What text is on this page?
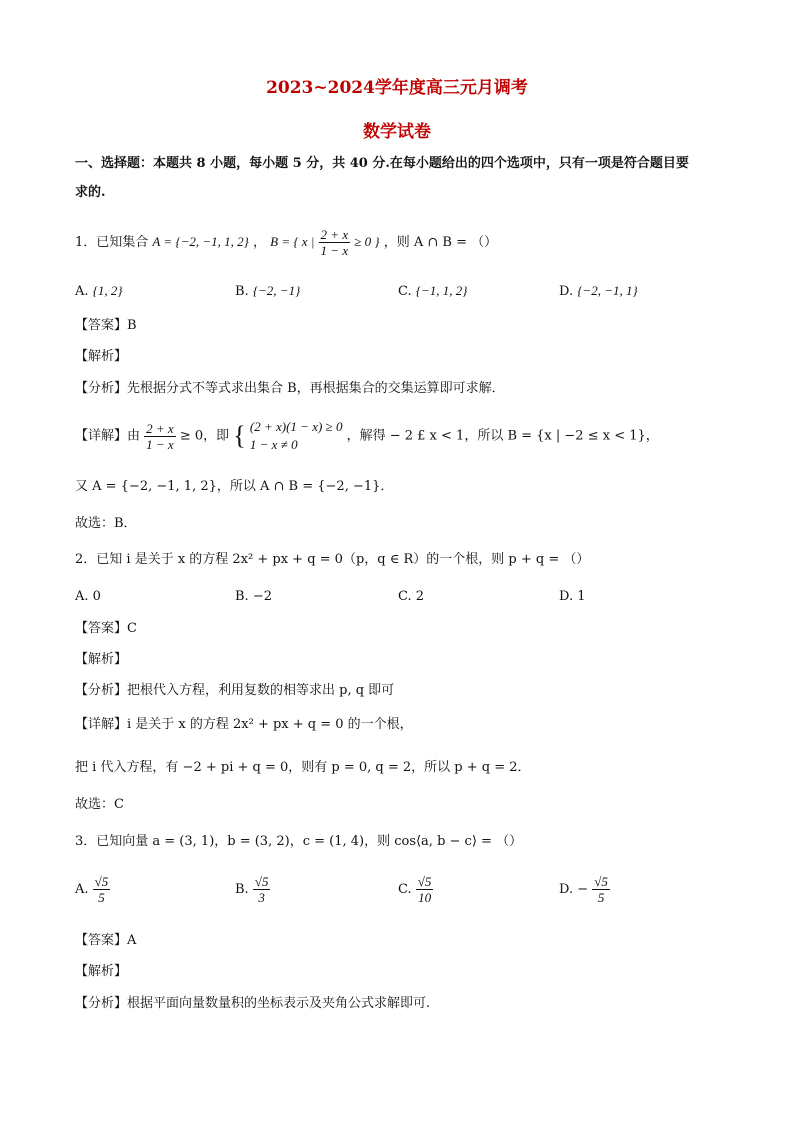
2023~2024学年度高三元月调考
数学试卷
一、选择题：本题共 8 小题，每小题 5 分，共 40 分.在每小题给出的四个选项中，只有一项是符合题目要
求的.
1．已知集合 A = {−2, −1, 1, 2} ， B = { x | $\frac{2 + x}{1 - x} \ge 0$ } ，则 A ∩ B = （）
A. {1, 2}	B. {−2, −1}	C. {−1, 1, 2}	D. {−2, −1, 1}
【答案】B
【解析】
【分析】先根据分式不等式求出集合 B，再根据集合的交集运算即可求解．
【详解】由 $\frac{2 + x}{1 - x} \ge 0$，即 { (2 + x)(1 − x) ≥ 0
1 − x ≠ 0
，解得 − 2 £ x < 1，所以 B = {x | −2 ≤ x < 1}，
又 A = {−2, −1, 1, 2}，所以 A ∩ B = {−2, −1}．
故选：B．
2．已知 i 是关于 x 的方程 2x² + px + q = 0（p，q ∈ R）的一个根，则 p + q = （）
A. 0	B. −2	C. 2	D. 1
【答案】C
【解析】
【分析】把根代入方程，利用复数的相等求出 p, q 即可
【详解】i 是关于 x 的方程 2x² + px + q = 0 的一个根，
把 i 代入方程，有 −2 + pi + q = 0，则有 p = 0, q = 2，所以 p + q = 2．
故选：C
3．已知向量 a = (3, 1)，b = (3, 2)，c = (1, 4)，则 cos⟨a, b − c⟩ = （）
A. $\frac{√5}{5}$	B. $\frac{√5}{3}$	C. $\frac{√5}{10}$	D. − $\frac{√5}{5}$
【答案】A
【解析】
【分析】根据平面向量数量积的坐标表示及夹角公式求解即可.
